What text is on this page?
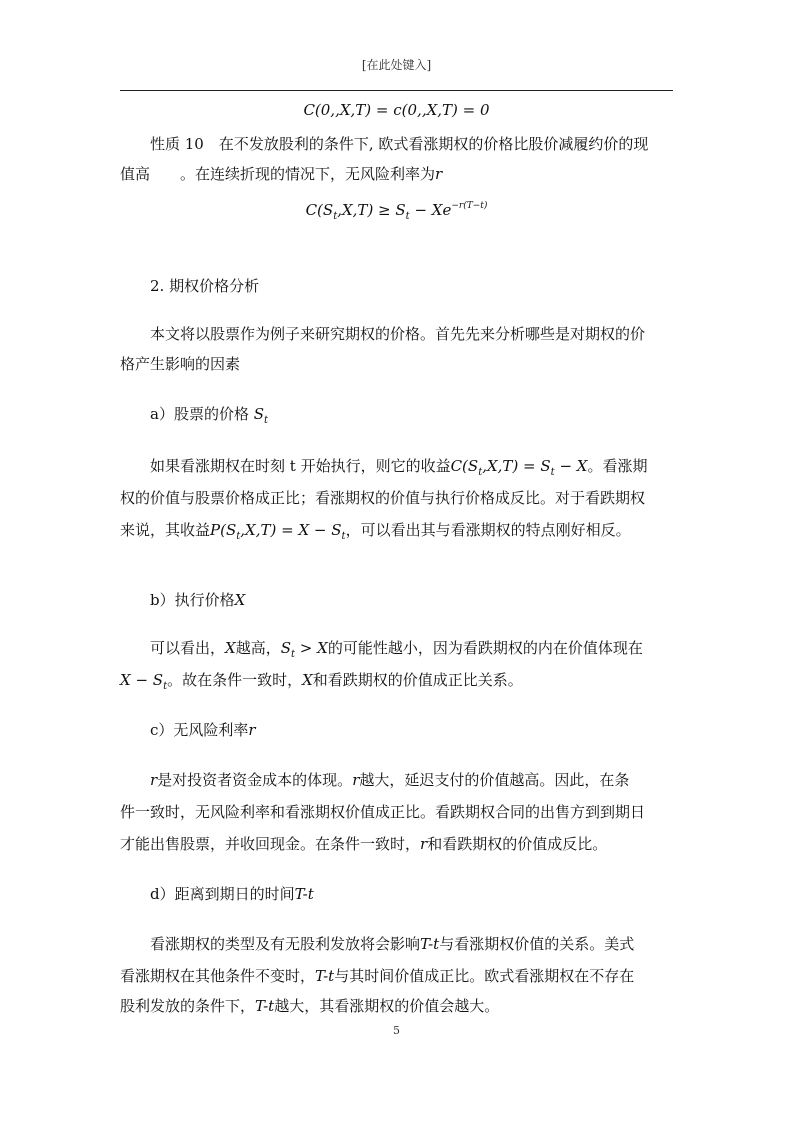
[在此处键入]
C(0,,X,T) = c(0,,X,T) = 0
性质 10　在不发放股利的条件下, 欧式看涨期权的价格比股价减履约价的现
值高　　。在连续折现的情况下，无风险利率为r
$C(S_t,X,T) \ge S_t - Xe^{-r(T-t)}$
2. 期权价格分析
本文将以股票作为例子来研究期权的价格。首先先来分析哪些是对期权的价
格产生影响的因素
a）股票的价格 $S_t$
如果看涨期权在时刻 t 开始执行，则它的收益$C(S_t,X,T) = S_t - X$。看涨期
权的价值与股票价格成正比；看涨期权的价值与执行价格成反比。对于看跌期权
来说，其收益$P(S_t,X,T) = X - S_t$，可以看出其与看涨期权的特点刚好相反。
b）执行价格X
可以看出，X越高，$S_t > X$的可能性越小，因为看跌期权的内在价值体现在
$X - S_t$。故在条件一致时，X和看跌期权的价值成正比关系。
c）无风险利率r
r是对投资者资金成本的体现。r越大，延迟支付的价值越高。因此，在条
件一致时，无风险利率和看涨期权价值成正比。看跌期权合同的出售方到到期日
才能出售股票，并收回现金。在条件一致时，r和看跌期权的价值成反比。
d）距离到期日的时间T-t
看涨期权的类型及有无股利发放将会影响T-t与看涨期权价值的关系。美式
看涨期权在其他条件不变时，T-t与其时间价值成正比。欧式看涨期权在不存在
股利发放的条件下，T-t越大，其看涨期权的价值会越大。
5
